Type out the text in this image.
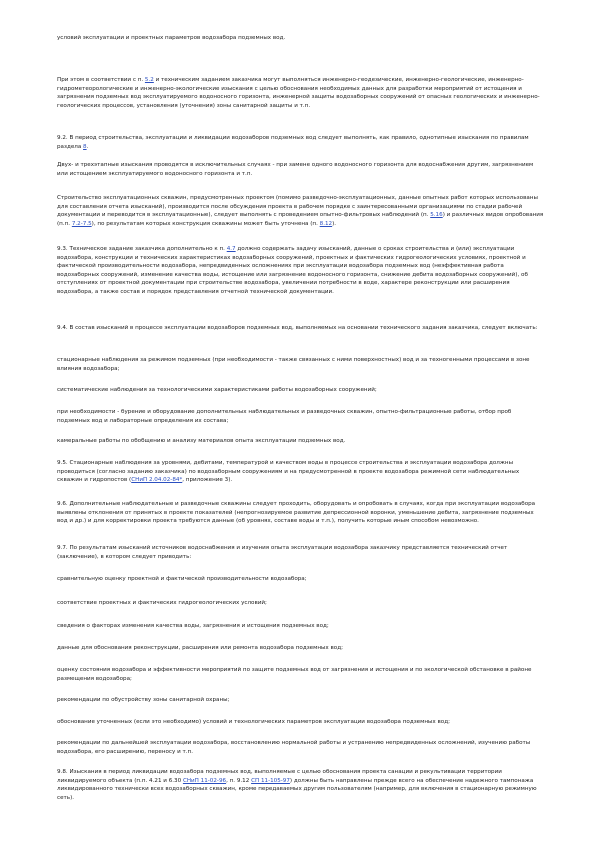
условий эксплуатации и проектных параметров водозабора подземных вод.

При этом в соответствии с п. 5.2 и техническим заданием заказчика могут выполняться инженерно-геодезические, инженерно-геологические, инженерно-гидрометеорологические и инженерно-экологические изыскания с целью обоснования необходимых данных для разработки мероприятий от истощения и загрязнения подземных вод эксплуатируемого водоносного горизонта, инженерной защиты водозаборных сооружений от опасных геологических и инженерно-геологических процессов, установления (уточнения) зоны санитарной защиты и т.п.

9.2. В период строительства, эксплуатации и ликвидации водозаборов подземных вод следует выполнять, как правило, однотипные изыскания по правилам раздела 8.

Двух- и трехэтапные изыскания проводятся в исключительных случаях - при замене одного водоносного горизонта для водоснабжения другим, загрязнением или истощением эксплуатируемого водоносного горизонта и т.п.

Строительство эксплуатационных скважин, предусмотренных проектом (помимо разведочно-эксплуатационных, данные опытных работ которых использованы для составления отчета изысканий), производится после обсуждения проекта в рабочем порядке с заинтересованными организациями по стадии рабочей документации и переводится в эксплуатационные), следует выполнять с проведением опытно-фильтровых наблюдений (п. 5.16) и различных видов опробования (п.п. 7.2-7.5), по результатам которых конструкция скважины может быть уточнена (п. 8.12).

9.3. Техническое задание заказчика дополнительно к п. 4.7 должно содержать задачу изысканий, данные о сроках строительства и (или) эксплуатации водозабора, конструкции и технических характеристиках водозаборных сооружений, проектных и фактических гидрогеологических условиях, проектной и фактической производительности водозабора, непредвиденных осложнениях при эксплуатации водозабора подземных вод (неэффективная работа водозаборных сооружений, изменение качества воды, истощение или загрязнение водоносного горизонта, снижение дебита водозаборных сооружений), об отступлениях от проектной документации при строительстве водозабора, увеличении потребности в воде, характере реконструкции или расширения водозабора, а также состав и порядок представления отчетной технической документации.

9.4. В состав изысканий в процессе эксплуатации водозаборов подземных вод, выполняемых на основании технического задания заказчика, следует включать:

стационарные наблюдения за режимом подземных (при необходимости - также связанных с ними поверхностных) вод и за техногенными процессами в зоне влияния водозабора;

систематические наблюдения за технологическими характеристиками работы водозаборных сооружений;

при необходимости - бурение и оборудование дополнительных наблюдательных и разведочных скважин, опытно-фильтрационные работы, отбор проб подземных вод и лабораторные определения их состава;

камеральные работы по обобщению и анализу материалов опыта эксплуатации подземных вод.

9.5. Стационарные наблюдения за уровнями, дебитами, температурой и качеством воды в процессе строительства и эксплуатации водозабора должны проводиться (согласно заданию заказчика) по водозаборным сооружениям и на предусмотренной в проекте водозабора режимной сети наблюдательных скважин и гидропостов (СНиП 2.04.02-84*, приложение 3).

9.6. Дополнительные наблюдательные и разведочные скважины следует проходить, оборудовать и опробовать в случаях, когда при эксплуатации водозабора выявлены отклонения от принятых в проекте показателей (непрогнозируемое развитие депрессионной воронки, уменьшение дебита, загрязнение подземных вод и др.) и для корректировки проекта требуются данные (об уровнях, составе воды и т.п.), получить которые иным способом невозможно.

9.7. По результатам изысканий источников водоснабжения и изучения опыта эксплуатации водозабора заказчику представляется технический отчет (заключение), в котором следует приводить:

сравнительную оценку проектной и фактической производительности водозабора;

соответствие проектных и фактических гидрогеологических условий;

сведения о факторах изменения качества воды, загрязнения и истощения подземных вод;

данные для обоснования реконструкции, расширения или ремонта водозабора подземных вод;

оценку состояния водозабора и эффективности мероприятий по защите подземных вод от загрязнения и истощения и по экологической обстановке в районе размещения водозабора;

рекомендации по обустройству зоны санитарной охраны;

обоснование уточненных (если это необходимо) условий и технологических параметров эксплуатации водозабора подземных вод;

рекомендации по дальнейшей эксплуатации водозабора, восстановлению нормальной работы и устранению непредвиденных осложнений, изучению работы водозабора, его расширению, переносу и т.п.

9.8. Изыскания в период ликвидации водозабора подземных вод, выполняемые с целью обоснования проекта санации и рекультивации территории ликвидируемого объекта (п.п. 4.21 и 6.30 СНиП 11-02-96, п. 9.12 СП 11-105-97) должны быть направлены прежде всего на обеспечение надежного тампонажа ликвидированного технически всех водозаборных скважин, кроме передаваемых другим пользователям (например, для включения в стационарную режимную сеть).
